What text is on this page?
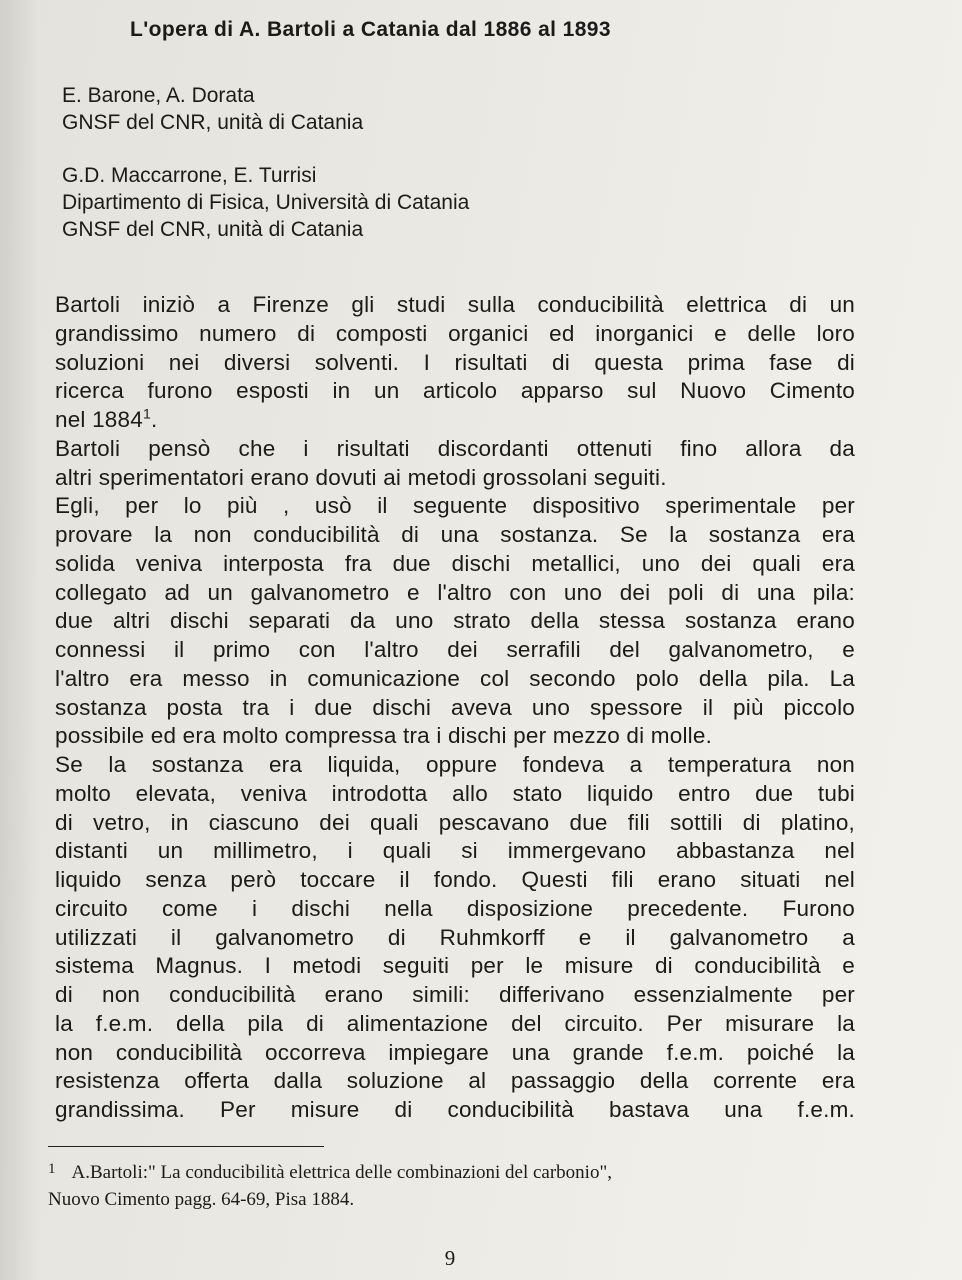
L'opera di A. Bartoli a Catania dal 1886 al 1893
E. Barone, A. Dorata
GNSF del CNR, unità di Catania
G.D. Maccarrone, E. Turrisi
Dipartimento di Fisica, Università di Catania
GNSF del CNR, unità di Catania
Bartoli iniziò a Firenze gli studi sulla conducibilità elettrica di un
grandissimo numero di composti organici ed inorganici e delle loro
soluzioni nei diversi solventi. I risultati di questa prima fase di
ricerca furono esposti in un articolo apparso sul Nuovo Cimento
nel 1884$^1$.
Bartoli pensò che i risultati discordanti ottenuti fino allora da
altri sperimentatori erano dovuti ai metodi grossolani seguiti.
Egli, per lo più , usò il seguente dispositivo sperimentale per
provare la non conducibilità di una sostanza. Se la sostanza era
solida veniva interposta fra due dischi metallici, uno dei quali era
collegato ad un galvanometro e l'altro con uno dei poli di una pila:
due altri dischi separati da uno strato della stessa sostanza erano
connessi il primo con l'altro dei serrafili del galvanometro, e
l'altro era messo in comunicazione col secondo polo della pila. La
sostanza posta tra i due dischi aveva uno spessore il più piccolo
possibile ed era molto compressa tra i dischi per mezzo di molle.
Se la sostanza era liquida, oppure fondeva a temperatura non
molto elevata, veniva introdotta allo stato liquido entro due tubi
di vetro, in ciascuno dei quali pescavano due fili sottili di platino,
distanti un millimetro, i quali si immergevano abbastanza nel
liquido senza però toccare il fondo. Questi fili erano situati nel
circuito come i dischi nella disposizione precedente. Furono
utilizzati il galvanometro di Ruhmkorff e il galvanometro a
sistema Magnus. I metodi seguiti per le misure di conducibilità e
di non conducibilità erano simili: differivano essenzialmente per
la f.e.m. della pila di alimentazione del circuito. Per misurare la
non conducibilità occorreva impiegare una grande f.e.m. poiché la
resistenza offerta dalla soluzione al passaggio della corrente era
grandissima. Per misure di conducibilità bastava una f.e.m.
$^1$ A.Bartoli:" La conducibilità elettrica delle combinazioni del carbonio",
Nuovo Cimento pagg. 64-69, Pisa 1884.
9
